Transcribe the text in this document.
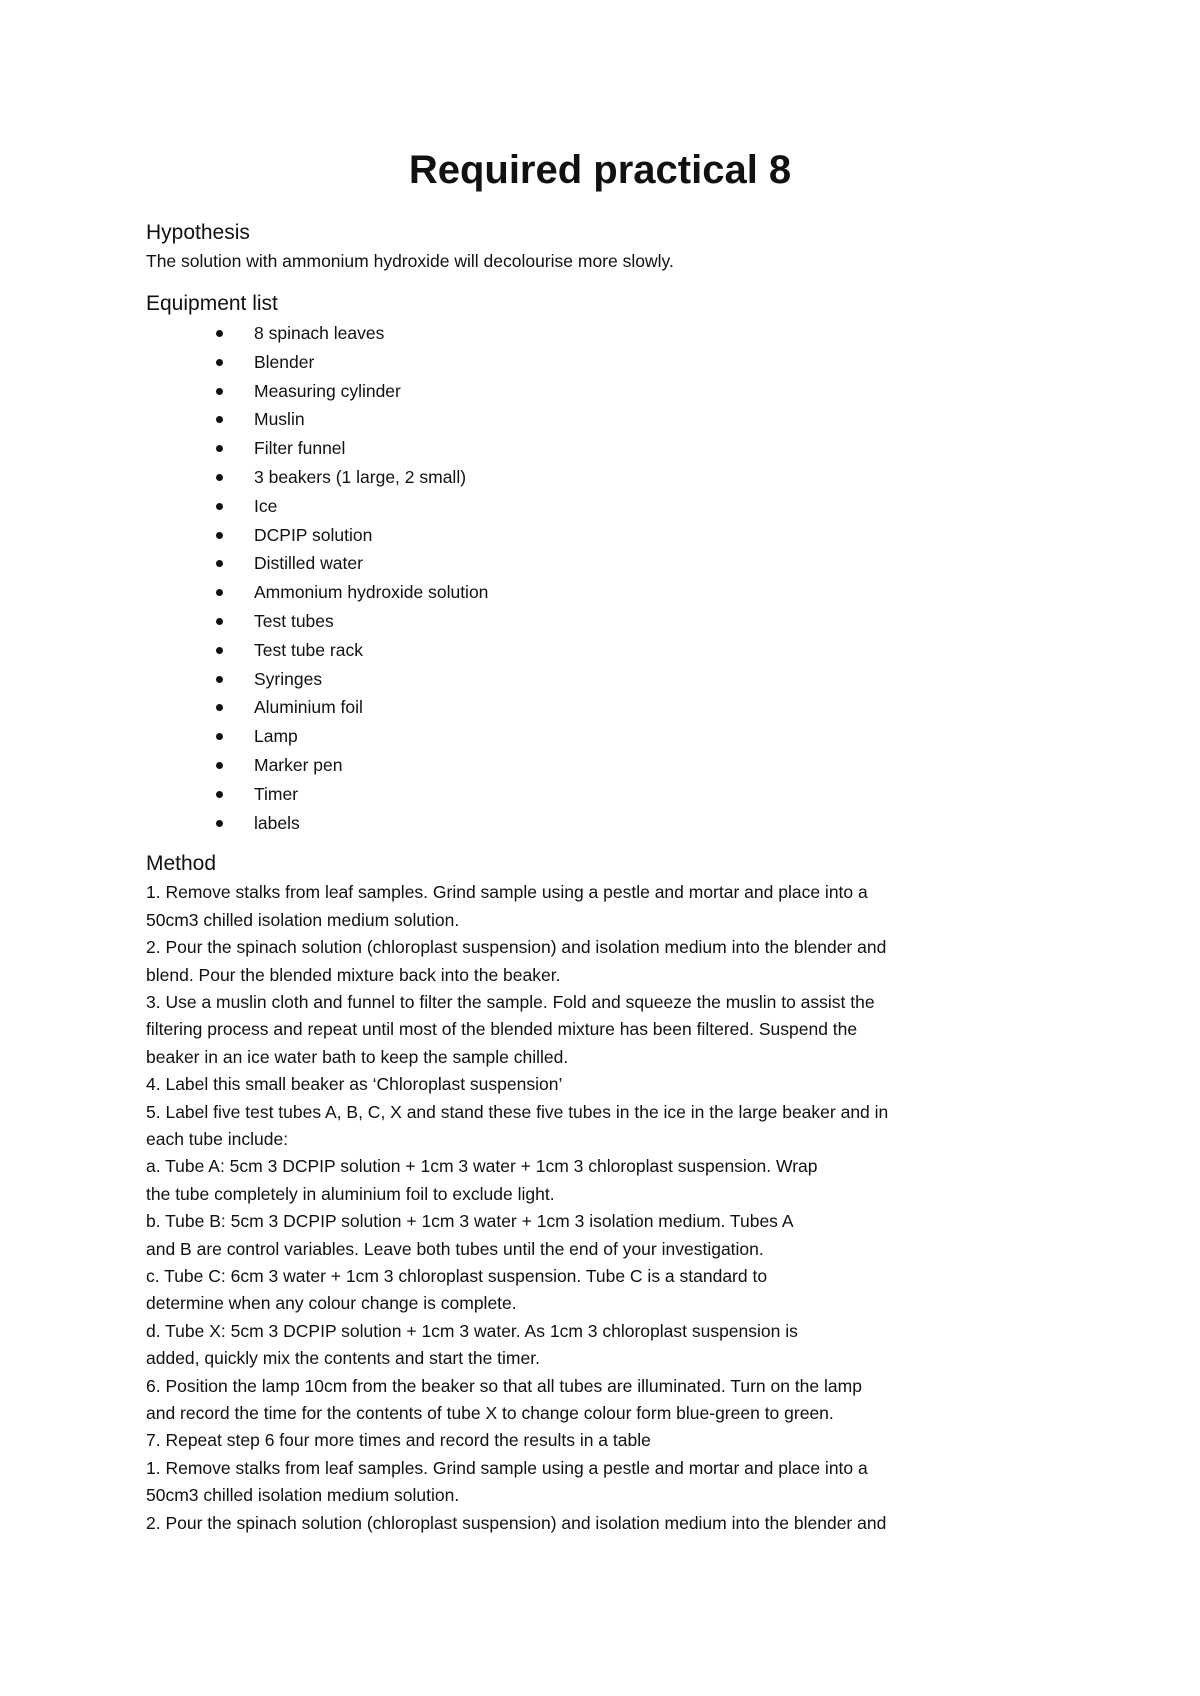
Required practical 8
Hypothesis

The solution with ammonium hydroxide will decolourise more slowly.

Equipment list
8 spinach leaves
Blender
Measuring cylinder
Muslin
Filter funnel
3 beakers (1 large, 2 small)
Ice
DCPIP solution
Distilled water
Ammonium hydroxide solution
Test tubes
Test tube rack
Syringes
Aluminium foil
Lamp
Marker pen
Timer
labels
Method

1. Remove stalks from leaf samples. Grind sample using a pestle and mortar and place into a

50cm3 chilled isolation medium solution.

2. Pour the spinach solution (chloroplast suspension) and isolation medium into the blender and

blend. Pour the blended mixture back into the beaker.

3. Use a muslin cloth and funnel to filter the sample. Fold and squeeze the muslin to assist the

filtering process and repeat until most of the blended mixture has been filtered. Suspend the

beaker in an ice water bath to keep the sample chilled.

4. Label this small beaker as ‘Chloroplast suspension’

5. Label five test tubes A, B, C, X and stand these five tubes in the ice in the large beaker and in

each tube include:

a. Tube A: 5cm 3 DCPIP solution + 1cm 3 water + 1cm 3 chloroplast suspension. Wrap

the tube completely in aluminium foil to exclude light.

b. Tube B: 5cm 3 DCPIP solution + 1cm 3 water + 1cm 3 isolation medium. Tubes A

and B are control variables. Leave both tubes until the end of your investigation.

c. Tube C: 6cm 3 water + 1cm 3 chloroplast suspension. Tube C is a standard to

determine when any colour change is complete.

d. Tube X: 5cm 3 DCPIP solution + 1cm 3 water. As 1cm 3 chloroplast suspension is

added, quickly mix the contents and start the timer.

6. Position the lamp 10cm from the beaker so that all tubes are illuminated. Turn on the lamp

and record the time for the contents of tube X to change colour form blue-green to green.

7. Repeat step 6 four more times and record the results in a table

1. Remove stalks from leaf samples. Grind sample using a pestle and mortar and place into a

50cm3 chilled isolation medium solution.

2. Pour the spinach solution (chloroplast suspension) and isolation medium into the blender and
